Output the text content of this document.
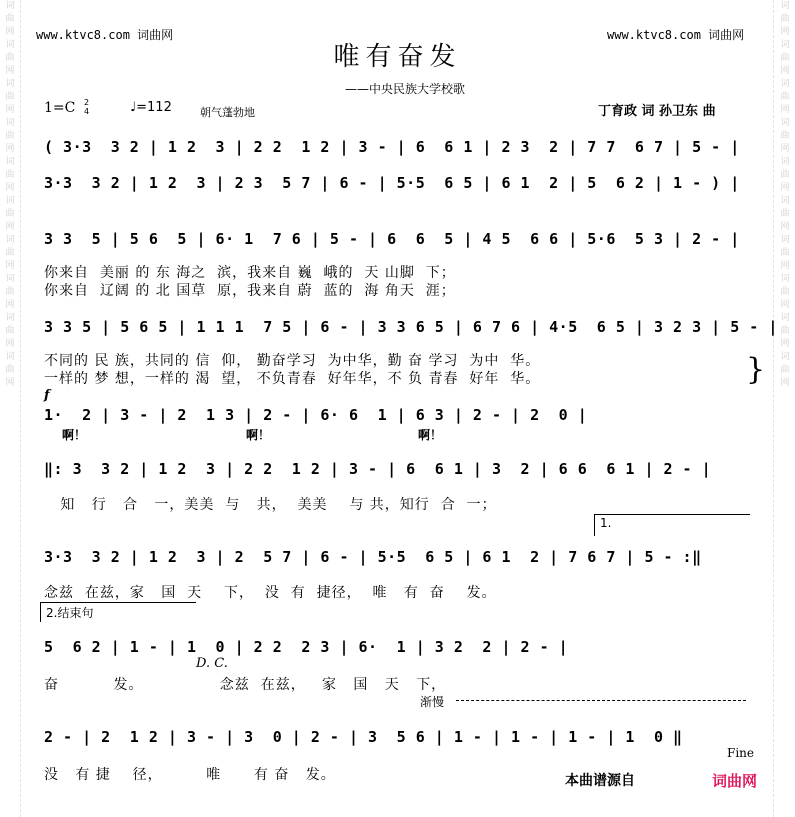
词曲网词曲网词曲网词曲网词曲网词曲网词曲网词曲网词曲网词曲网
词曲网词曲网词曲网词曲网词曲网词曲网词曲网词曲网词曲网词曲网
www.ktvc8.com 词曲网	www.ktvc8.com 词曲网
唯有奋发
——中央民族大学校歌
1=C 2
4	♩=112	朝气蓬勃地	丁育政 词 孙卫东 曲
( 3·3  3 2 | 1 2  3 | 2 2  1 2 | 3 - | 6  6 1 | 2 3  2 | 7 7  6 7 | 5 - |
3·3  3 2 | 1 2  3 | 2 3  5 7 | 6 - | 5·5  6 5 | 6 1  2 | 5  6 2 | 1 - ) |
3 3  5 | 5 6  5 | 6· 1  7 6 | 5 - | 6  6  5 | 4 5  6 6 | 5·6  5 3 | 2 - |
你来自  美丽 的 东 海之  滨，我来自 巍  峨的  天 山脚  下；
你来自  辽阔 的 北 国草  原，我来自 蔚  蓝的  海 角天  涯；
3 3 5 | 5 6 5 | 1 1 1  7 5 | 6 - | 3 3 6 5 | 6 7 6 | 4·5  6 5 | 3 2 3 | 5 - |
不同的 民 族，共同的 信  仰， 勤奋学习  为中华，勤 奋 学习  为中  华。
一样的 梦 想，一样的 渴  望， 不负青春  好年华，不 负 青春  好年  华。	}
f
1·  2 | 3 - | 2  1 3 | 2 - | 6· 6  1 | 6 3 | 2 - | 2  0 |
啊！	啊！	啊！
‖: 3  3 2 | 1 2  3 | 2 2  1 2 | 3 - | 6  6 1 | 3  2 | 6 6  6 1 | 2 - |
知   行   合   一，美美  与   共，  美美    与 共，知行  合  一；
1.
3·3  3 2 | 1 2  3 | 2  5 7 | 6 - | 5·5  6 5 | 6 1  2 | 7 6 7 | 5 - :‖
念兹  在兹，家   国  天    下，  没  有  捷径，  唯   有  奋    发。
2.结束句
5  6 2 | 1 - | 1  0 | 2 2  2 3 | 6·  1 | 3 2  2 | 2 - |
D. C.
奋          发。              念兹  在兹，   家   国   天   下，
渐慢
2 - | 2  1 2 | 3 - | 3  0 | 2 - | 3  5 6 | 1 - | 1 - | 1 - | 1  0 ‖
Fine
没   有 捷    径，        唯      有 奋   发。	本曲谱源自	词曲网
